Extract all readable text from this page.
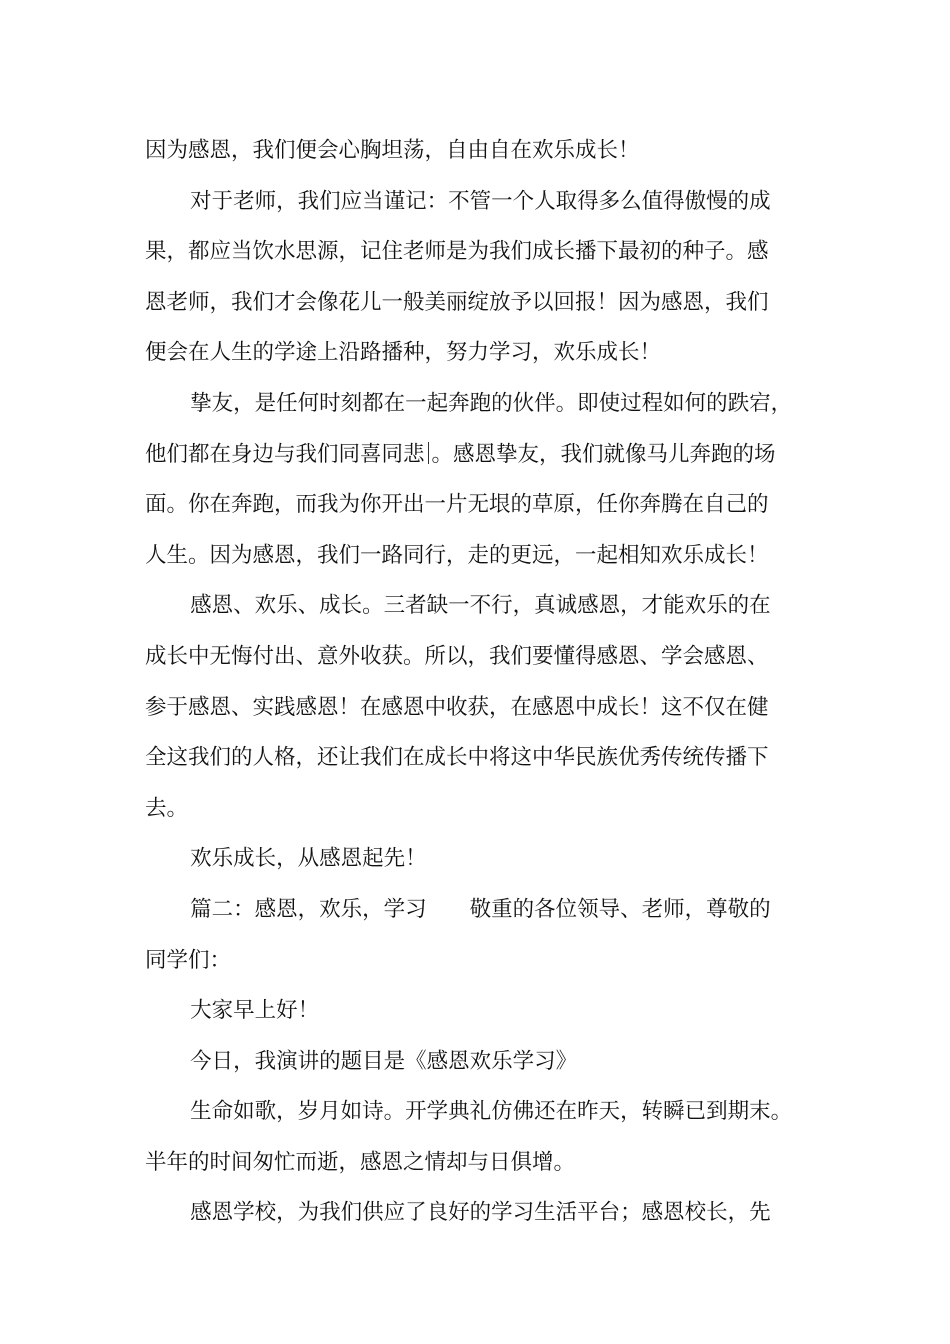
因为感恩，我们便会心胸坦荡，自由自在欢乐成长！

对于老师，我们应当谨记：不管一个人取得多么值得傲慢的成
果，都应当饮水思源，记住老师是为我们成长播下最初的种子。感
恩老师，我们才会像花儿一般美丽绽放予以回报！因为感恩，我们
便会在人生的学途上沿路播种，努力学习，欢乐成长！

挚友，是任何时刻都在一起奔跑的伙伴。即使过程如何的跌宕，
他们都在身边与我们同喜同悲 。感恩挚友，我们就像马儿奔跑的场
面。你在奔跑，而我为你开出一片无垠的草原，任你奔腾在自己的
人生。因为感恩，我们一路同行，走的更远，一起相知欢乐成长！

感恩、欢乐、成长。三者缺一不行，真诚感恩，才能欢乐的在
成长中无悔付出、意外收获。所以，我们要懂得感恩、学会感恩、
参于感恩、实践感恩！在感恩中收获，在感恩中成长！这不仅在健
全这我们的人格，还让我们在成长中将这中华民族优秀传统传播下
去。

欢乐成长，从感恩起先！

篇二：感恩，欢乐，学习　　敬重的各位领导、老师，尊敬的
同学们：

大家早上好！

今日，我演讲的题目是《感恩欢乐学习》

生命如歌，岁月如诗。开学典礼仿佛还在昨天，转瞬已到期末。
半年的时间匆忙而逝，感恩之情却与日俱增。

感恩学校，为我们供应了良好的学习生活平台；感恩校长，先
